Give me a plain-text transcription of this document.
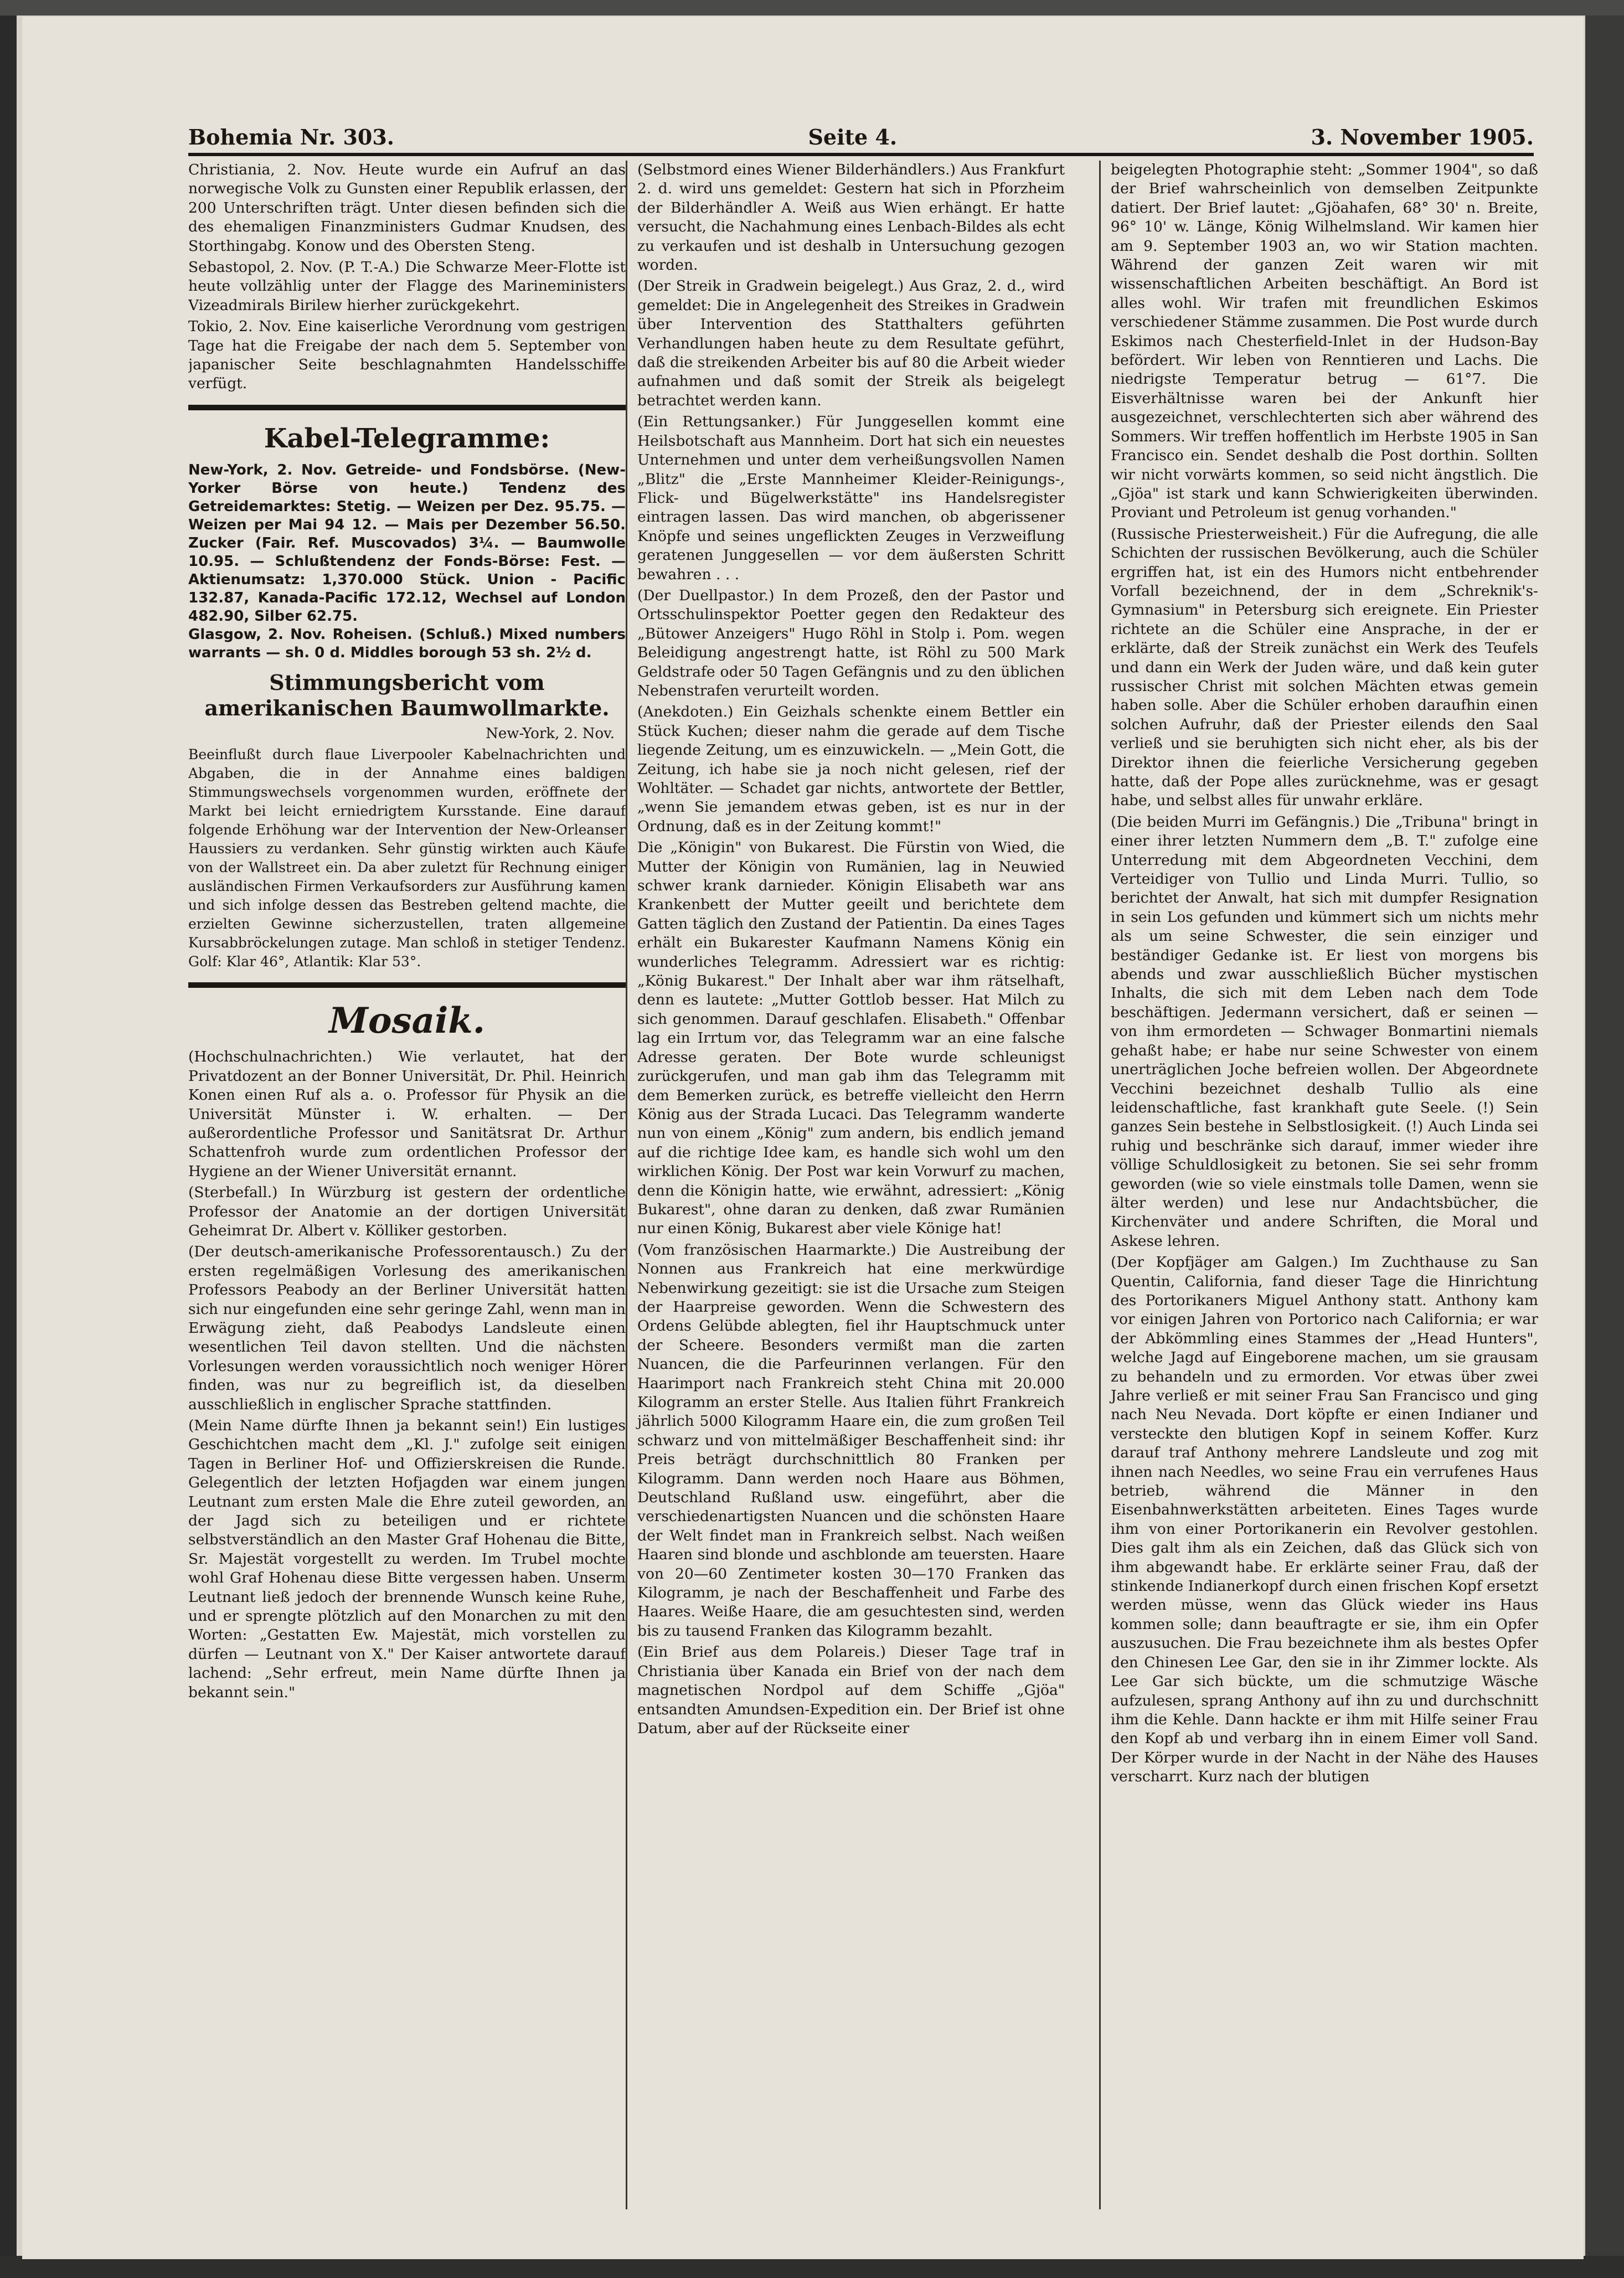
Bohemia Nr. 303.	Seite 4.	3. November 1905.

Christiania, 2. Nov. Heute wurde ein Aufruf an das norwegische Volk zu Gunsten einer Republik erlassen, der 200 Unterschriften trägt. Unter diesen befinden sich die des ehemaligen Finanzministers Gudmar Knudsen, des Storthingabg. Konow und des Obersten Steng.

Sebastopol, 2. Nov. (P. T.-A.) Die Schwarze Meer-Flotte ist heute vollzählig unter der Flagge des Marineministers Vizeadmirals Birilew hierher zurückgekehrt.

Tokio, 2. Nov. Eine kaiserliche Verordnung vom gestrigen Tage hat die Freigabe der nach dem 5. September von japanischer Seite beschlagnahmten Handelsschiffe verfügt.

Kabel-Telegramme:

New-York, 2. Nov. Getreide- und Fondsbörse. (New-Yorker Börse von heute.) Tendenz des Getreidemarktes: Stetig. — Weizen per Dez. 95.75. — Weizen per Mai 94 12. — Mais per Dezember 56.50. Zucker (Fair. Ref. Muscovados) 3¼. — Baumwolle 10.95. — Schlußtendenz der Fonds-Börse: Fest. — Aktienumsatz: 1,370.000 Stück. Union - Pacific 132.87, Kanada-Pacific 172.12, Wechsel auf London 482.90, Silber 62.75.

Glasgow, 2. Nov. Roheisen. (Schluß.) Mixed numbers warrants — sh. 0 d. Middles borough 53 sh. 2½ d.

Stimmungsbericht vom amerikanischen Baumwollmarkte.
New-York, 2. Nov.

Beeinflußt durch flaue Liverpooler Kabelnachrichten und Abgaben, die in der Annahme eines baldigen Stimmungswechsels vorgenommen wurden, eröffnete der Markt bei leicht erniedrigtem Kursstande. Eine darauf folgende Erhöhung war der Intervention der New-Orleanser Haussiers zu verdanken. Sehr günstig wirkten auch Käufe von der Wallstreet ein. Da aber zuletzt für Rechnung einiger ausländischen Firmen Verkaufsorders zur Ausführung kamen und sich infolge dessen das Bestreben geltend machte, die erzielten Gewinne sicherzustellen, traten allgemeine Kursabbröckelungen zutage. Man schloß in stetiger Tendenz. Golf: Klar 46°, Atlantik: Klar 53°.

Mosaik.

(Hochschulnachrichten.) Wie verlautet, hat der Privatdozent an der Bonner Universität, Dr. Phil. Heinrich Konen einen Ruf als a. o. Professor für Physik an die Universität Münster i. W. erhalten. — Der außerordentliche Professor und Sanitätsrat Dr. Arthur Schattenfroh wurde zum ordentlichen Professor der Hygiene an der Wiener Universität ernannt.

(Sterbefall.) In Würzburg ist gestern der ordentliche Professor der Anatomie an der dortigen Universität Geheimrat Dr. Albert v. Kölliker gestorben.

(Der deutsch-amerikanische Professorentausch.) Zu der ersten regelmäßigen Vorlesung des amerikanischen Professors Peabody an der Berliner Universität hatten sich nur eingefunden eine sehr geringe Zahl, wenn man in Erwägung zieht, daß Peabodys Landsleute einen wesentlichen Teil davon stellten. Und die nächsten Vorlesungen werden voraussichtlich noch weniger Hörer finden, was nur zu begreiflich ist, da dieselben ausschließlich in englischer Sprache stattfinden.

(Mein Name dürfte Ihnen ja bekannt sein!) Ein lustiges Geschichtchen macht dem „Kl. J." zufolge seit einigen Tagen in Berliner Hof- und Offizierskreisen die Runde. Gelegentlich der letzten Hofjagden war einem jungen Leutnant zum ersten Male die Ehre zuteil geworden, an der Jagd sich zu beteiligen und er richtete selbstverständlich an den Master Graf Hohenau die Bitte, Sr. Majestät vorgestellt zu werden. Im Trubel mochte wohl Graf Hohenau diese Bitte vergessen haben. Unserm Leutnant ließ jedoch der brennende Wunsch keine Ruhe, und er sprengte plötzlich auf den Monarchen zu mit den Worten: „Gestatten Ew. Majestät, mich vorstellen zu dürfen — Leutnant von X." Der Kaiser antwortete darauf lachend: „Sehr erfreut, mein Name dürfte Ihnen ja bekannt sein."

(Selbstmord eines Wiener Bilderhändlers.) Aus Frankfurt 2. d. wird uns gemeldet: Gestern hat sich in Pforzheim der Bilderhändler A. Weiß aus Wien erhängt. Er hatte versucht, die Nachahmung eines Lenbach-Bildes als echt zu verkaufen und ist deshalb in Untersuchung gezogen worden.

(Der Streik in Gradwein beigelegt.) Aus Graz, 2. d., wird gemeldet: Die in Angelegenheit des Streikes in Gradwein über Intervention des Statthalters geführten Verhandlungen haben heute zu dem Resultate geführt, daß die streikenden Arbeiter bis auf 80 die Arbeit wieder aufnahmen und daß somit der Streik als beigelegt betrachtet werden kann.

(Ein Rettungsanker.) Für Junggesellen kommt eine Heilsbotschaft aus Mannheim. Dort hat sich ein neuestes Unternehmen und unter dem verheißungsvollen Namen „Blitz" die „Erste Mannheimer Kleider-Reinigungs-, Flick- und Bügelwerkstätte" ins Handelsregister eintragen lassen. Das wird manchen, ob abgerissener Knöpfe und seines ungeflickten Zeuges in Verzweiflung geratenen Junggesellen — vor dem äußersten Schritt bewahren . . .

(Der Duellpastor.) In dem Prozeß, den der Pastor und Ortsschulinspektor Poetter gegen den Redakteur des „Bütower Anzeigers" Hugo Röhl in Stolp i. Pom. wegen Beleidigung angestrengt hatte, ist Röhl zu 500 Mark Geldstrafe oder 50 Tagen Gefängnis und zu den üblichen Nebenstrafen verurteilt worden.

(Anekdoten.) Ein Geizhals schenkte einem Bettler ein Stück Kuchen; dieser nahm die gerade auf dem Tische liegende Zeitung, um es einzuwickeln. — „Mein Gott, die Zeitung, ich habe sie ja noch nicht gelesen, rief der Wohltäter. — Schadet gar nichts, antwortete der Bettler, „wenn Sie jemandem etwas geben, ist es nur in der Ordnung, daß es in der Zeitung kommt!"

Die „Königin" von Bukarest. Die Fürstin von Wied, die Mutter der Königin von Rumänien, lag in Neuwied schwer krank darnieder. Königin Elisabeth war ans Krankenbett der Mutter geeilt und berichtete dem Gatten täglich den Zustand der Patientin. Da eines Tages erhält ein Bukarester Kaufmann Namens König ein wunderliches Telegramm. Adressiert war es richtig: „König Bukarest." Der Inhalt aber war ihm rätselhaft, denn es lautete: „Mutter Gottlob besser. Hat Milch zu sich genommen. Darauf geschlafen. Elisabeth." Offenbar lag ein Irrtum vor, das Telegramm war an eine falsche Adresse geraten. Der Bote wurde schleunigst zurückgerufen, und man gab ihm das Telegramm mit dem Bemerken zurück, es betreffe vielleicht den Herrn König aus der Strada Lucaci. Das Telegramm wanderte nun von einem „König" zum andern, bis endlich jemand auf die richtige Idee kam, es handle sich wohl um den wirklichen König. Der Post war kein Vorwurf zu machen, denn die Königin hatte, wie erwähnt, adressiert: „König Bukarest", ohne daran zu denken, daß zwar Rumänien nur einen König, Bukarest aber viele Könige hat!

(Vom französischen Haarmarkte.) Die Austreibung der Nonnen aus Frankreich hat eine merkwürdige Nebenwirkung gezeitigt: sie ist die Ursache zum Steigen der Haarpreise geworden. Wenn die Schwestern des Ordens Gelübde ablegten, fiel ihr Hauptschmuck unter der Scheere. Besonders vermißt man die zarten Nuancen, die die Parfeurinnen verlangen. Für den Haarimport nach Frankreich steht China mit 20.000 Kilogramm an erster Stelle. Aus Italien führt Frankreich jährlich 5000 Kilogramm Haare ein, die zum großen Teil schwarz und von mittelmäßiger Beschaffenheit sind: ihr Preis beträgt durchschnittlich 80 Franken per Kilogramm. Dann werden noch Haare aus Böhmen, Deutschland Rußland usw. eingeführt, aber die verschiedenartigsten Nuancen und die schönsten Haare der Welt findet man in Frankreich selbst. Nach weißen Haaren sind blonde und aschblonde am teuersten. Haare von 20—60 Zentimeter kosten 30—170 Franken das Kilogramm, je nach der Beschaffenheit und Farbe des Haares. Weiße Haare, die am gesuchtesten sind, werden bis zu tausend Franken das Kilogramm bezahlt.

(Ein Brief aus dem Polareis.) Dieser Tage traf in Christiania über Kanada ein Brief von der nach dem magnetischen Nordpol auf dem Schiffe „Gjöa" entsandten Amundsen-Expedition ein. Der Brief ist ohne Datum, aber auf der Rückseite einer

beigelegten Photographie steht: „Sommer 1904", so daß der Brief wahrscheinlich von demselben Zeitpunkte datiert. Der Brief lautet: „Gjöahafen, 68° 30' n. Breite, 96° 10' w. Länge, König Wilhelmsland. Wir kamen hier am 9. September 1903 an, wo wir Station machten. Während der ganzen Zeit waren wir mit wissenschaftlichen Arbeiten beschäftigt. An Bord ist alles wohl. Wir trafen mit freundlichen Eskimos verschiedener Stämme zusammen. Die Post wurde durch Eskimos nach Chesterfield-Inlet in der Hudson-Bay befördert. Wir leben von Renntieren und Lachs. Die niedrigste Temperatur betrug — 61°7. Die Eisverhältnisse waren bei der Ankunft hier ausgezeichnet, verschlechterten sich aber während des Sommers. Wir treffen hoffentlich im Herbste 1905 in San Francisco ein. Sendet deshalb die Post dorthin. Sollten wir nicht vorwärts kommen, so seid nicht ängstlich. Die „Gjöa" ist stark und kann Schwierigkeiten überwinden. Proviant und Petroleum ist genug vorhanden."

(Russische Priesterweisheit.) Für die Aufregung, die alle Schichten der russischen Bevölkerung, auch die Schüler ergriffen hat, ist ein des Humors nicht entbehrender Vorfall bezeichnend, der in dem „Schreknik's-Gymnasium" in Petersburg sich ereignete. Ein Priester richtete an die Schüler eine Ansprache, in der er erklärte, daß der Streik zunächst ein Werk des Teufels und dann ein Werk der Juden wäre, und daß kein guter russischer Christ mit solchen Mächten etwas gemein haben solle. Aber die Schüler erhoben daraufhin einen solchen Aufruhr, daß der Priester eilends den Saal verließ und sie beruhigten sich nicht eher, als bis der Direktor ihnen die feierliche Versicherung gegeben hatte, daß der Pope alles zurücknehme, was er gesagt habe, und selbst alles für unwahr erkläre.

(Die beiden Murri im Gefängnis.) Die „Tribuna" bringt in einer ihrer letzten Nummern dem „B. T." zufolge eine Unterredung mit dem Abgeordneten Vecchini, dem Verteidiger von Tullio und Linda Murri. Tullio, so berichtet der Anwalt, hat sich mit dumpfer Resignation in sein Los gefunden und kümmert sich um nichts mehr als um seine Schwester, die sein einziger und beständiger Gedanke ist. Er liest von morgens bis abends und zwar ausschließlich Bücher mystischen Inhalts, die sich mit dem Leben nach dem Tode beschäftigen. Jedermann versichert, daß er seinen — von ihm ermordeten — Schwager Bonmartini niemals gehaßt habe; er habe nur seine Schwester von einem unerträglichen Joche befreien wollen. Der Abgeordnete Vecchini bezeichnet deshalb Tullio als eine leidenschaftliche, fast krankhaft gute Seele. (!) Sein ganzes Sein bestehe in Selbstlosigkeit. (!) Auch Linda sei ruhig und beschränke sich darauf, immer wieder ihre völlige Schuldlosigkeit zu betonen. Sie sei sehr fromm geworden (wie so viele einstmals tolle Damen, wenn sie älter werden) und lese nur Andachtsbücher, die Kirchenväter und andere Schriften, die Moral und Askese lehren.

(Der Kopfjäger am Galgen.) Im Zuchthause zu San Quentin, California, fand dieser Tage die Hinrichtung des Portorikaners Miguel Anthony statt. Anthony kam vor einigen Jahren von Portorico nach California; er war der Abkömmling eines Stammes der „Head Hunters", welche Jagd auf Eingeborene machen, um sie grausam zu behandeln und zu ermorden. Vor etwas über zwei Jahre verließ er mit seiner Frau San Francisco und ging nach Neu Nevada. Dort köpfte er einen Indianer und versteckte den blutigen Kopf in seinem Koffer. Kurz darauf traf Anthony mehrere Landsleute und zog mit ihnen nach Needles, wo seine Frau ein verrufenes Haus betrieb, während die Männer in den Eisenbahnwerkstätten arbeiteten. Eines Tages wurde ihm von einer Portorikanerin ein Revolver gestohlen. Dies galt ihm als ein Zeichen, daß das Glück sich von ihm abgewandt habe. Er erklärte seiner Frau, daß der stinkende Indianerkopf durch einen frischen Kopf ersetzt werden müsse, wenn das Glück wieder ins Haus kommen solle; dann beauftragte er sie, ihm ein Opfer auszusuchen. Die Frau bezeichnete ihm als bestes Opfer den Chinesen Lee Gar, den sie in ihr Zimmer lockte. Als Lee Gar sich bückte, um die schmutzige Wäsche aufzulesen, sprang Anthony auf ihn zu und durchschnitt ihm die Kehle. Dann hackte er ihm mit Hilfe seiner Frau den Kopf ab und verbarg ihn in einem Eimer voll Sand. Der Körper wurde in der Nacht in der Nähe des Hauses verscharrt. Kurz nach der blutigen
